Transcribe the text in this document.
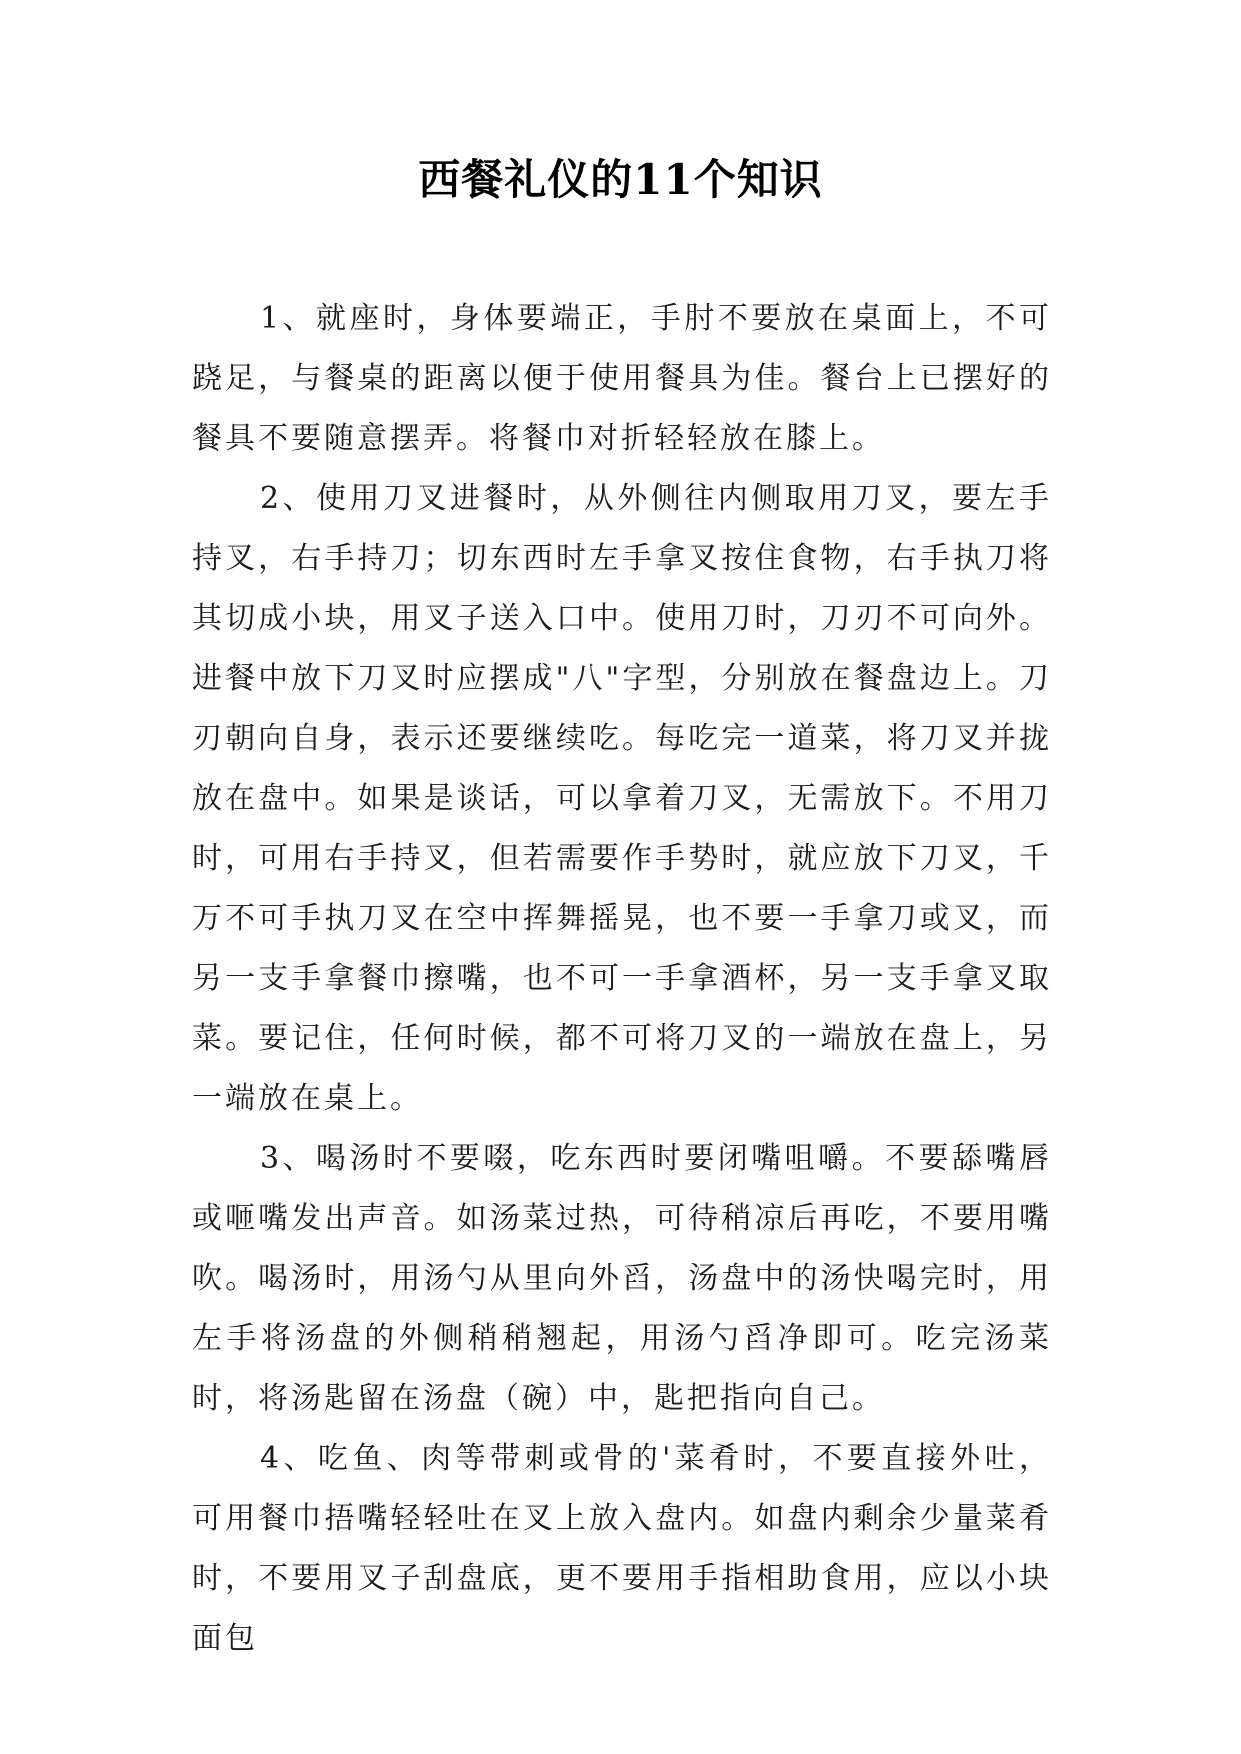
西餐礼仪的11个知识

1、就座时，身体要端正，手肘不要放在桌面上，不可跷足，与餐桌的距离以便于使用餐具为佳。餐台上已摆好的餐具不要随意摆弄。将餐巾对折轻轻放在膝上。

2、使用刀叉进餐时，从外侧往内侧取用刀叉，要左手持叉，右手持刀；切东西时左手拿叉按住食物，右手执刀将其切成小块，用叉子送入口中。使用刀时，刀刃不可向外。进餐中放下刀叉时应摆成"八"字型，分别放在餐盘边上。刀刃朝向自身，表示还要继续吃。每吃完一道菜，将刀叉并拢放在盘中。如果是谈话，可以拿着刀叉，无需放下。不用刀时，可用右手持叉，但若需要作手势时，就应放下刀叉，千万不可手执刀叉在空中挥舞摇晃，也不要一手拿刀或叉，而另一支手拿餐巾擦嘴，也不可一手拿酒杯，另一支手拿叉取菜。要记住，任何时候，都不可将刀叉的一端放在盘上，另一端放在桌上。

3、喝汤时不要啜，吃东西时要闭嘴咀嚼。不要舔嘴唇或咂嘴发出声音。如汤菜过热，可待稍凉后再吃，不要用嘴吹。喝汤时，用汤勺从里向外舀，汤盘中的汤快喝完时，用左手将汤盘的外侧稍稍翘起，用汤勺舀净即可。吃完汤菜时，将汤匙留在汤盘（碗）中，匙把指向自己。

4、吃鱼、肉等带刺或骨的'菜肴时，不要直接外吐，可用餐巾捂嘴轻轻吐在叉上放入盘内。如盘内剩余少量菜肴时，不要用叉子刮盘底，更不要用手指相助食用，应以小块面包
